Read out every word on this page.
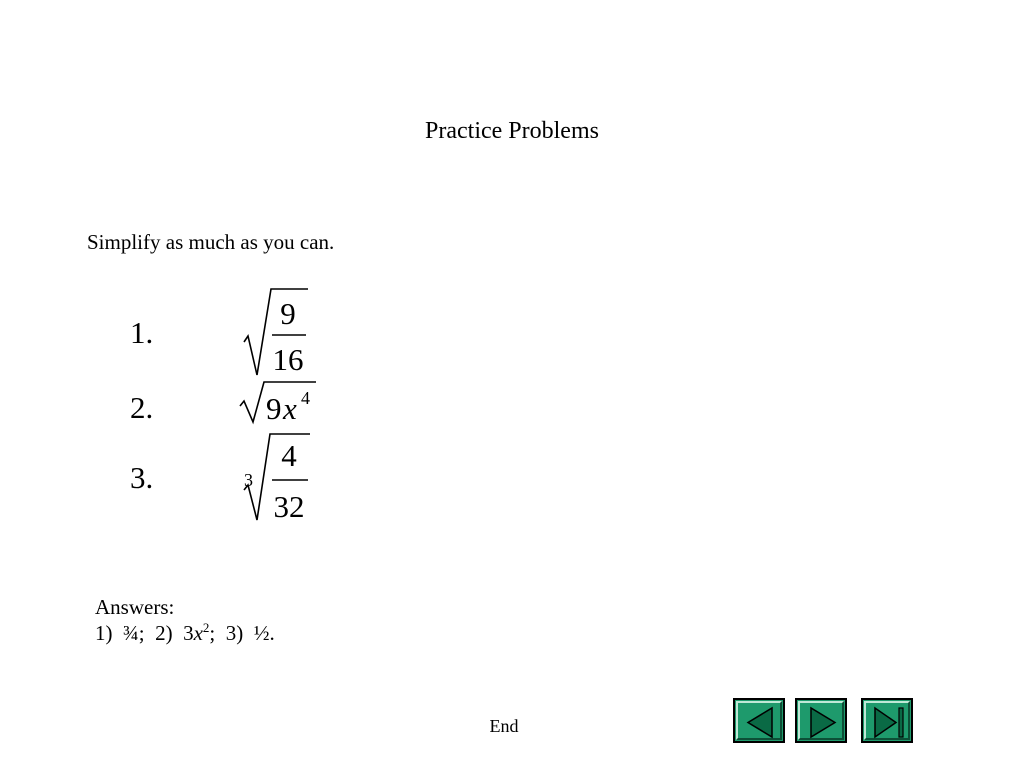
Practice Problems
Simplify as much as you can.
1.
2.
3.
9
16
9 x 4
3
4
32
Answers:
1) ¾; 2) $3x^2$; 3) ½.
End
